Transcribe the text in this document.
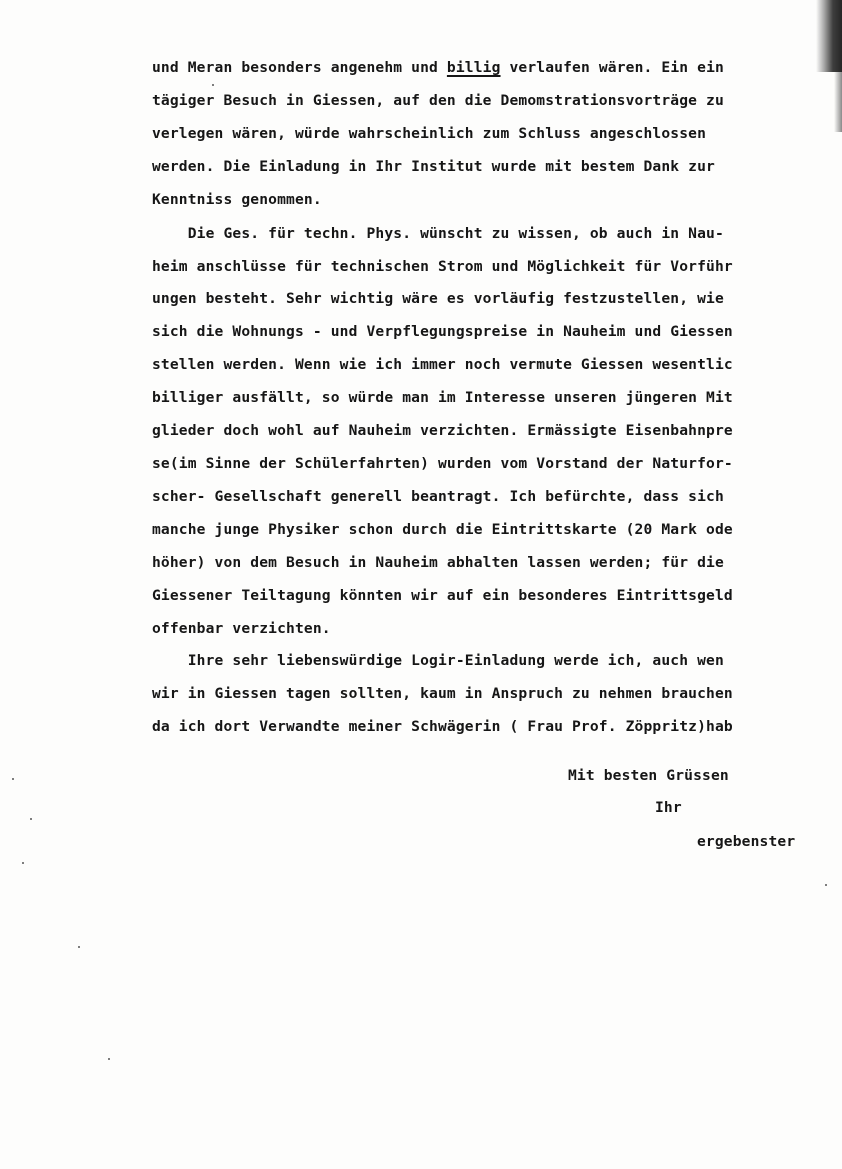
und Meran besonders angenehm und billig verlaufen wären. Ein ein

tägiger Besuch in Giessen, auf den die Demomstrationsvorträge zu

verlegen wären, würde wahrscheinlich zum Schluss angeschlossen

werden. Die Einladung in Ihr Institut wurde mit bestem Dank zur

Kenntniss genommen.

Die Ges. für techn. Phys. wünscht zu wissen, ob auch in Nau-

heim anschlüsse für technischen Strom und Möglichkeit für Vorführ

ungen besteht. Sehr wichtig wäre es vorläufig festzustellen, wie

sich die Wohnungs - und Verpflegungspreise in Nauheim und Giessen

stellen werden. Wenn wie ich immer noch vermute Giessen wesentlic

billiger ausfällt, so würde man im Interesse unseren jüngeren Mit

glieder doch wohl auf Nauheim verzichten. Ermässigte Eisenbahnpre

se(im Sinne der Schülerfahrten) wurden vom Vorstand der Naturfor-

scher- Gesellschaft generell beantragt. Ich befürchte, dass sich

manche junge Physiker schon durch die Eintrittskarte (20 Mark ode

höher) von dem Besuch in Nauheim abhalten lassen werden; für die

Giessener Teiltagung könnten wir auf ein besonderes Eintrittsgeld

offenbar verzichten.

Ihre sehr liebenswürdige Logir-Einladung werde ich, auch wen

wir in Giessen tagen sollten, kaum in Anspruch zu nehmen brauchen

da ich dort Verwandte meiner Schwägerin ( Frau Prof. Zöppritz)hab

Mit besten Grüssen

Ihr

ergebenster
